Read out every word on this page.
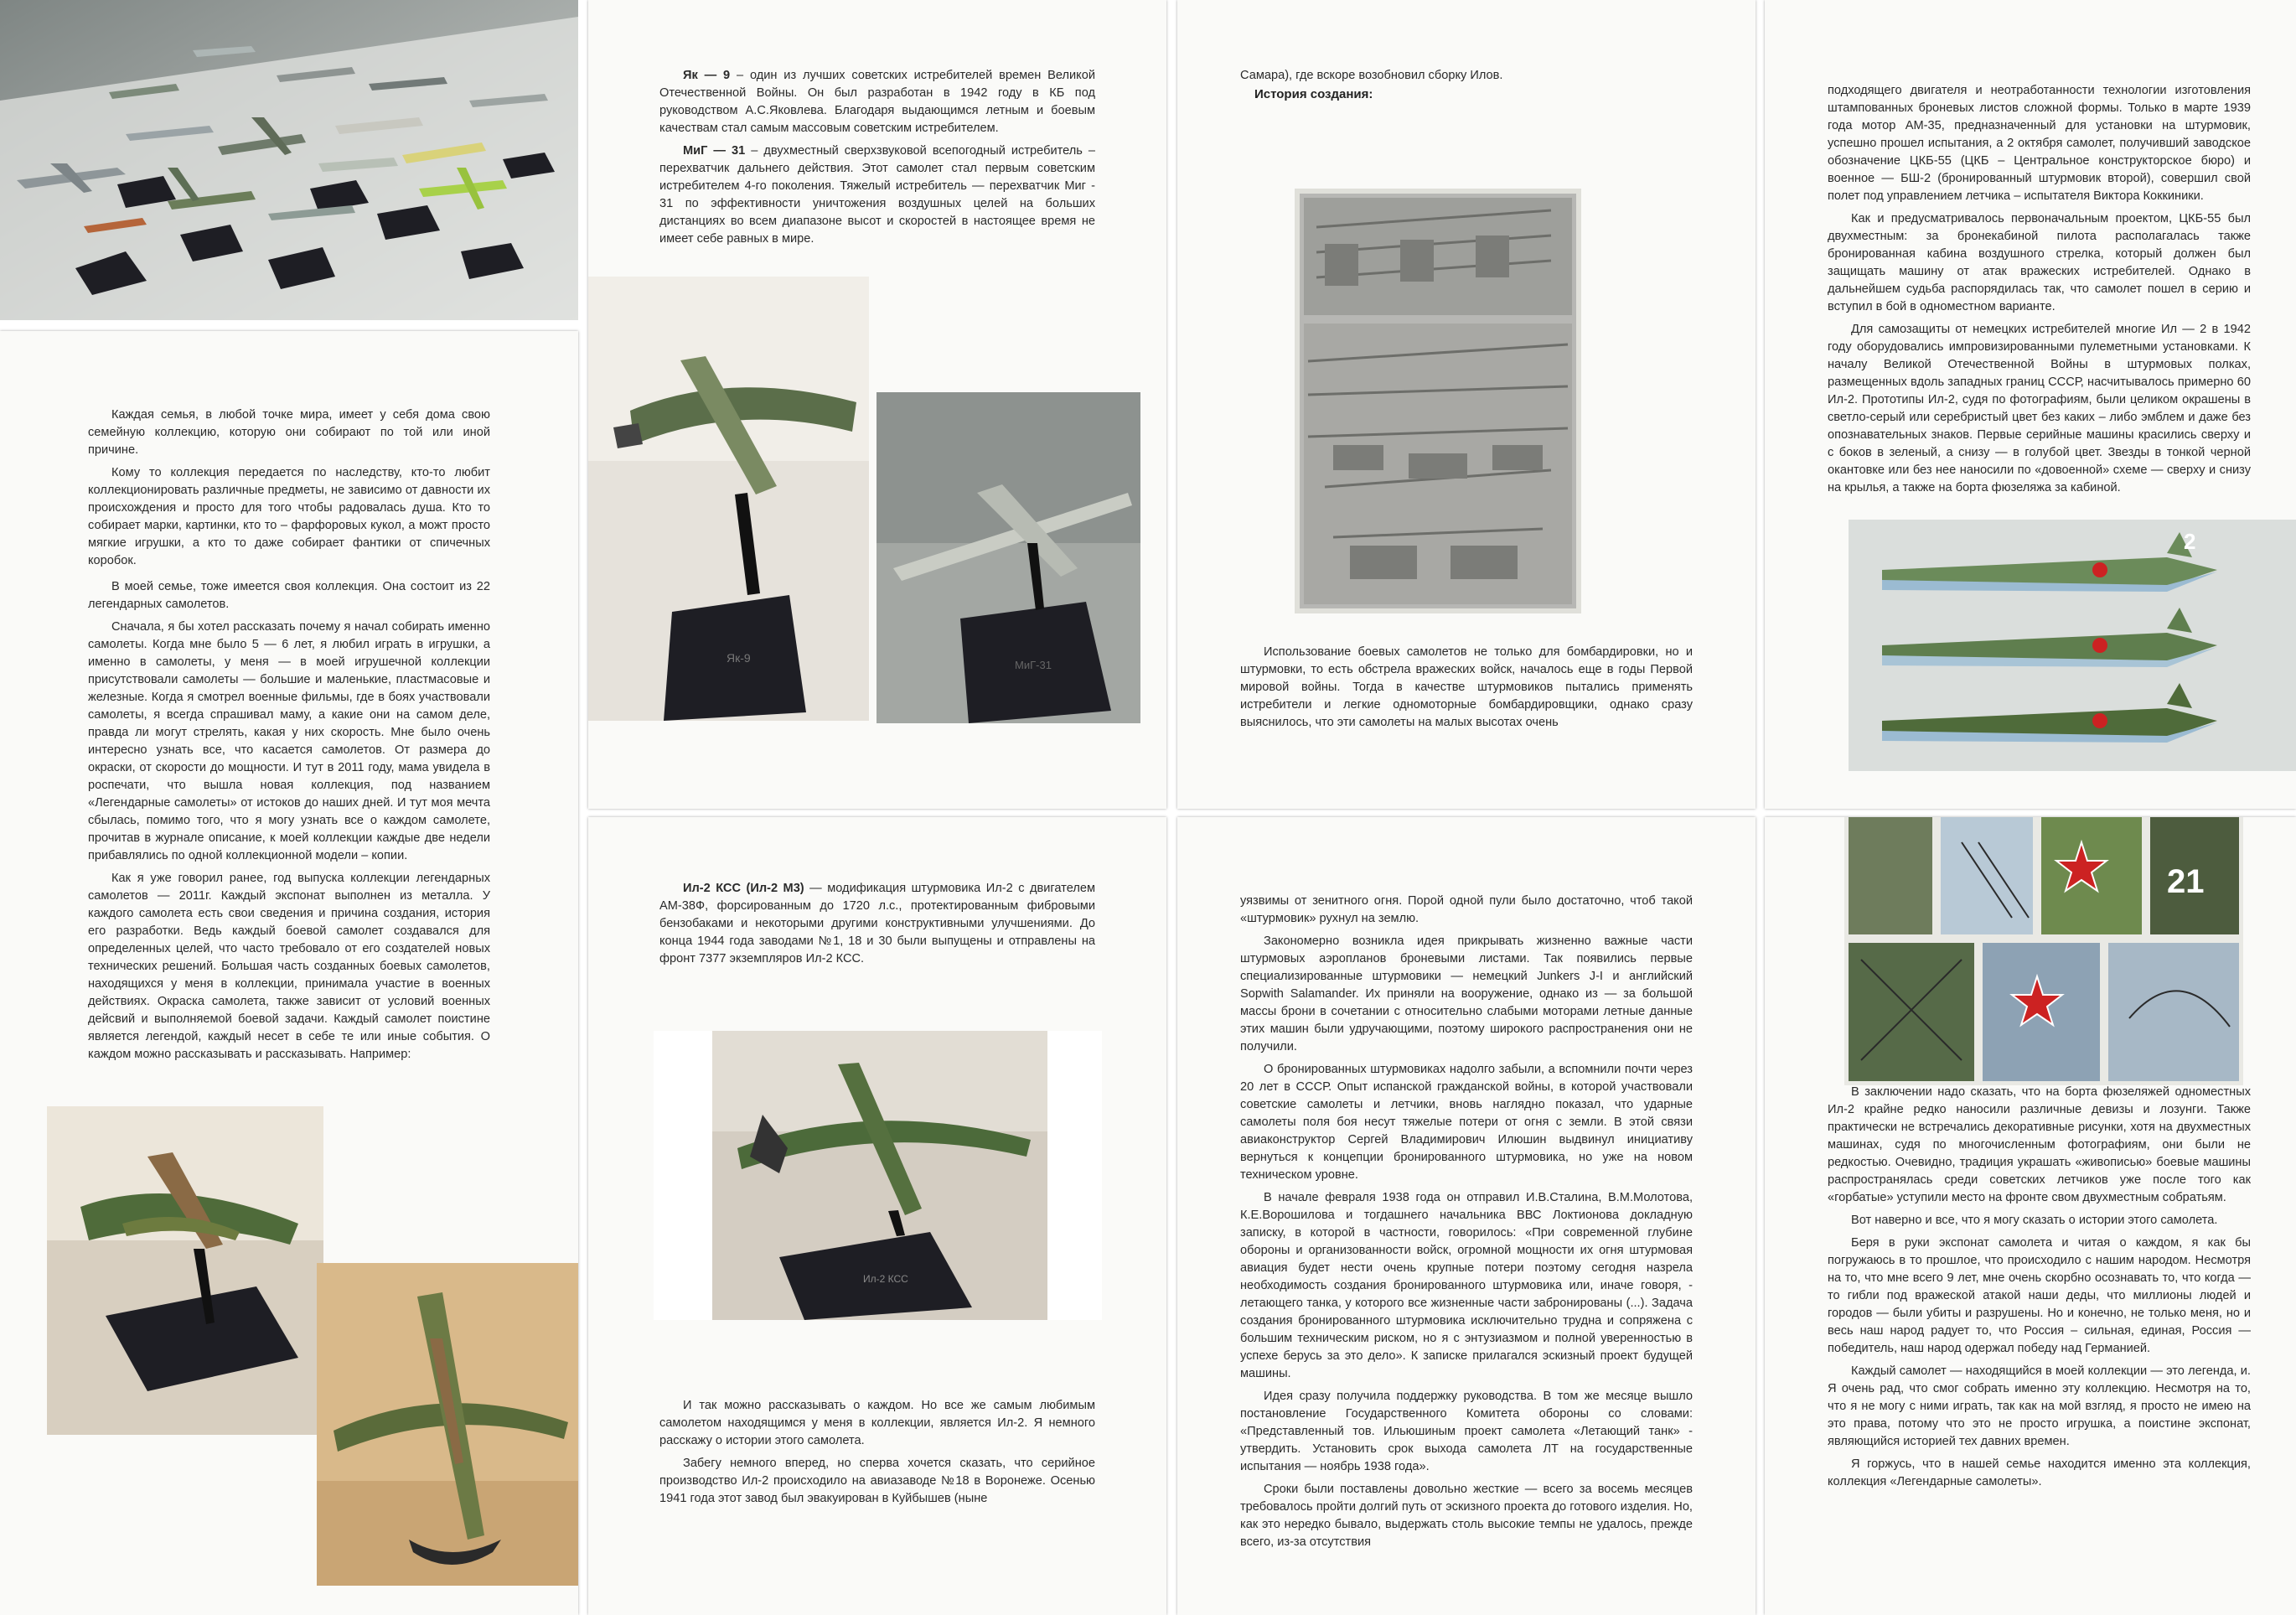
Каждая семья, в любой точке мира, имеет у себя дома свою семейную коллекцию, которую они собирают по той или иной причине.

Кому то коллекция передается по наследству, кто-то любит коллекционировать различные предметы, не зависимо от давности их происхождения и просто для того чтобы радовалась душа. Кто то собирает марки, картинки, кто то – фарфоровых кукол, а можт просто мягкие игрушки, а кто то даже собирает фантики от спичечных коробок.

В моей семье, тоже имеется своя коллекция. Она состоит из 22 легендарных самолетов.

Сначала, я бы хотел рассказать почему я начал собирать именно самолеты. Когда мне было 5 — 6 лет, я любил играть в игрушки, а именно в самолеты, у меня — в моей игрушечной коллекции присутствовали самолеты — большие и маленькие, пластмасовые и железные. Когда я смотрел военные фильмы, где в боях участвовали самолеты, я всегда спрашивал маму, а какие они на самом деле, правда ли могут стрелять, какая у них скорость. Мне было очень интересно узнать все, что касается самолетов. От размера до окраски, от скорости до мощности. И тут в 2011 году, мама увидела в роспечати, что вышла новая коллекция, под названием «Легендарные самолеты» от истоков до наших дней. И тут моя мечта сбылась, помимо того, что я могу узнать все о каждом самолете, прочитав в журнале описание, к моей коллекции каждые две недели прибавлялись по одной коллекционной модели – копии.

Как я уже говорил ранее, год выпуска коллекции легендарных самолетов — 2011г. Каждый экспонат выполнен из металла. У каждого самолета есть свои сведения и причина создания, история его разработки. Ведь каждый боевой самолет создавался для определенных целей, что часто требовало от его создателей новых технических решений. Большая часть созданных боевых самолетов, находящихся у меня в коллекции, принимала участие в военных действиях. Окраска самолета, также зависит от условий военных дейсвий и выполняемой боевой задачи. Каждый самолет поистине является легендой, каждый несет в себе те или иные события. О каждом можно рассказывать и рассказывать. Например:

Як — 9 – один из лучших советских истребителей времен Великой Отечественной Войны. Он был разработан в 1942 году в КБ под руководством А.С.Яковлева. Благодаря выдающимся летным и боевым качествам стал самым массовым советским истребителем.

МиГ — 31 – двухместный сверхзвуковой всепогодный истребитель – перехватчик дальнего действия. Этот самолет стал первым советским истребителем 4-го поколения. Тяжелый истребитель — перехватчик Миг - 31 по эффективности уничтожения воздушных целей на больших дистанциях во всем диапазоне высот и скоростей в настоящее время не имеет себе равных в мире.

Як-9
МиГ-31

Самара), где вскоре возобновил сборку Илов.

История создания:

Использование боевых самолетов не только для бомбардировки, но и штурмовки, то есть обстрела вражеских войск, началось еще в годы Первой мировой войны. Тогда в качестве штурмовиков пытались применять истребители и легкие одномоторные бомбардировщики, однако сразу выяснилось, что эти самолеты на малых высотах очень

подходящего двигателя и неотработанности технологии изготовления штампованных броневых листов сложной формы. Только в марте 1939 года мотор АМ-35, предназначенный для установки на штурмовик, успешно прошел испытания, а 2 октября самолет, получивший заводское обозначение ЦКБ-55 (ЦКБ – Центральное конструкторское бюро) и военное — БШ-2 (бронированный штурмовик второй), совершил свой полет под управлением летчика – испытателя Виктора Коккиники.

Как и предусматривалось первоначальным проектом, ЦКБ-55 был двухместным: за бронекабиной пилота располагалась также бронированная кабина воздушного стрелка, который должен был защищать машину от атак вражеских истребителей. Однако в дальнейшем судьба распорядилась так, что самолет пошел в серию и вступил в бой в одноместном варианте.

Для самозащиты от немецких истребителей многие Ил — 2 в 1942 году оборудовались импровизированными пулеметными установками. К началу Великой Отечественной Войны в штурмовых полках, размещенных вдоль западных границ СССР, насчитывалось примерно 60 Ил-2. Прототипы Ил-2, судя по фотографиям, были целиком окрашены в светло-серый или серебристый цвет без каких – либо эмблем и даже без опознавательных знаков. Первые серийные машины красились сверху и с боков в зеленый, а снизу — в голубой цвет. Звезды в тонкой черной окантовке или без нее наносили по «довоенной» схеме — сверху и снизу на крылья, а также на борта фюзеляжа за кабиной.

2

Ил-2 КСС (Ил-2 М3) — модификация штурмовика Ил-2 с двигателем АМ-38Ф, форсированным до 1720 л.с., протектированным фибровыми бензобаками и некоторыми другими конструктивными улучшениями. До конца 1944 года заводами №1, 18 и 30 были выпущены и отправлены на фронт 7377 экземпляров Ил-2 КСС.

Ил-2 КСС

И так можно рассказывать о каждом. Но все же самым любимым самолетом находящимся у меня в коллекции, является Ил-2. Я немного расскажу о истории этого самолета.

Забегу немного вперед, но сперва хочется сказать, что серийное производство Ил-2 происходило на авиазаводе №18 в Воронеже. Осенью 1941 года этот завод был эвакуирован в Куйбышев (ныне

уязвимы от зенитного огня. Порой одной пули было достаточно, чтоб такой «штурмовик» рухнул на землю.

Закономерно возникла идея прикрывать жизненно важные части штурмовых аэропланов броневыми листами. Так появились первые специализированные штурмовики — немецкий Junkers J-I и английский Sopwith Salamander. Их приняли на вооружение, однако из — за большой массы брони в сочетании с относительно слабыми моторами летные данные этих машин были удручающими, поэтому широкого распространения они не получили.

О бронированных штурмовиках надолго забыли, а вспомнили почти через 20 лет в СССР. Опыт испанской гражданской войны, в которой участвовали советские самолеты и летчики, вновь наглядно показал, что ударные самолеты поля боя несут тяжелые потери от огня с земли. В этой связи авиаконструктор Сергей Владимирович Илюшин выдвинул инициативу вернуться к концепции бронированного штурмовика, но уже на новом техническом уровне.

В начале февраля 1938 года он отправил И.В.Сталина, В.М.Молотова, К.Е.Ворошилова и тогдашнего начальника ВВС Локтионова докладную записку, в которой в частности, говорилось: «При современной глубине обороны и организованности войск, огромной мощности их огня штурмовая авиация будет нести очень крупные потери поэтому сегодня назрела необходимость создания бронированного штурмовика или, иначе говоря, - летающего танка, у которого все жизненные части забронированы (...). Задача создания бронированного штурмовика исключительно трудна и сопряжена с большим техническим риском, но я с энтузиазмом и полной уверенностью в успехе берусь за это дело». К записке прилагался эскизный проект будущей машины.

Идея сразу получила поддержку руководства. В том же месяце вышло постановление Государственного Комитета обороны со словами: «Представленный тов. Ильюшиным проект самолета «Летающий танк» - утвердить. Установить срок выхода самолета ЛТ на государственные испытания — ноябрь 1938 года».

Сроки были поставлены довольно жесткие — всего за восемь месяцев требовалось пройти долгий путь от эскизного проекта до готового изделия. Но, как это нередко бывало, выдержать столь высокие темпы не удалось, прежде всего, из-за отсутствия

21

В заключении надо сказать, что на борта фюзеляжей одноместных Ил-2 крайне редко наносили различные девизы и лозунги. Также практически не встречались декоративные рисунки, хотя на двухместных машинах, судя по многочисленным фотографиям, они были не редкостью. Очевидно, традиция украшать «живописью» боевые машины распространялась среди советских летчиков уже после того как «горбатые» уступили место на фронте свом двухместным собратьям.

Вот наверно и все, что я могу сказать о истории этого самолета.

Беря в руки экспонат самолета и читая о каждом, я как бы погружаюсь в то прошлое, что происходило с нашим народом. Несмотря на то, что мне всего 9 лет, мне очень скорбно осознавать то, что когда — то гибли под вражеской атакой наши деды, что миллионы людей и городов — были убиты и разрушены. Но и конечно, не только меня, но и весь наш народ радует то, что Россия – сильная, единая, Россия — победитель, наш народ одержал победу над Германией.

Каждый самолет — находящийся в моей коллекции — это легенда, и. Я очень рад, что смог собрать именно эту коллекцию. Несмотря на то, что я не могу с ними играть, так как на мой взгляд, я просто не имею на это права, потому что это не просто игрушка, а поистине экспонат, являющийся историей тех давних времен.

Я горжусь, что в нашей семье находится именно эта коллекция, коллекция «Легендарные самолеты».
